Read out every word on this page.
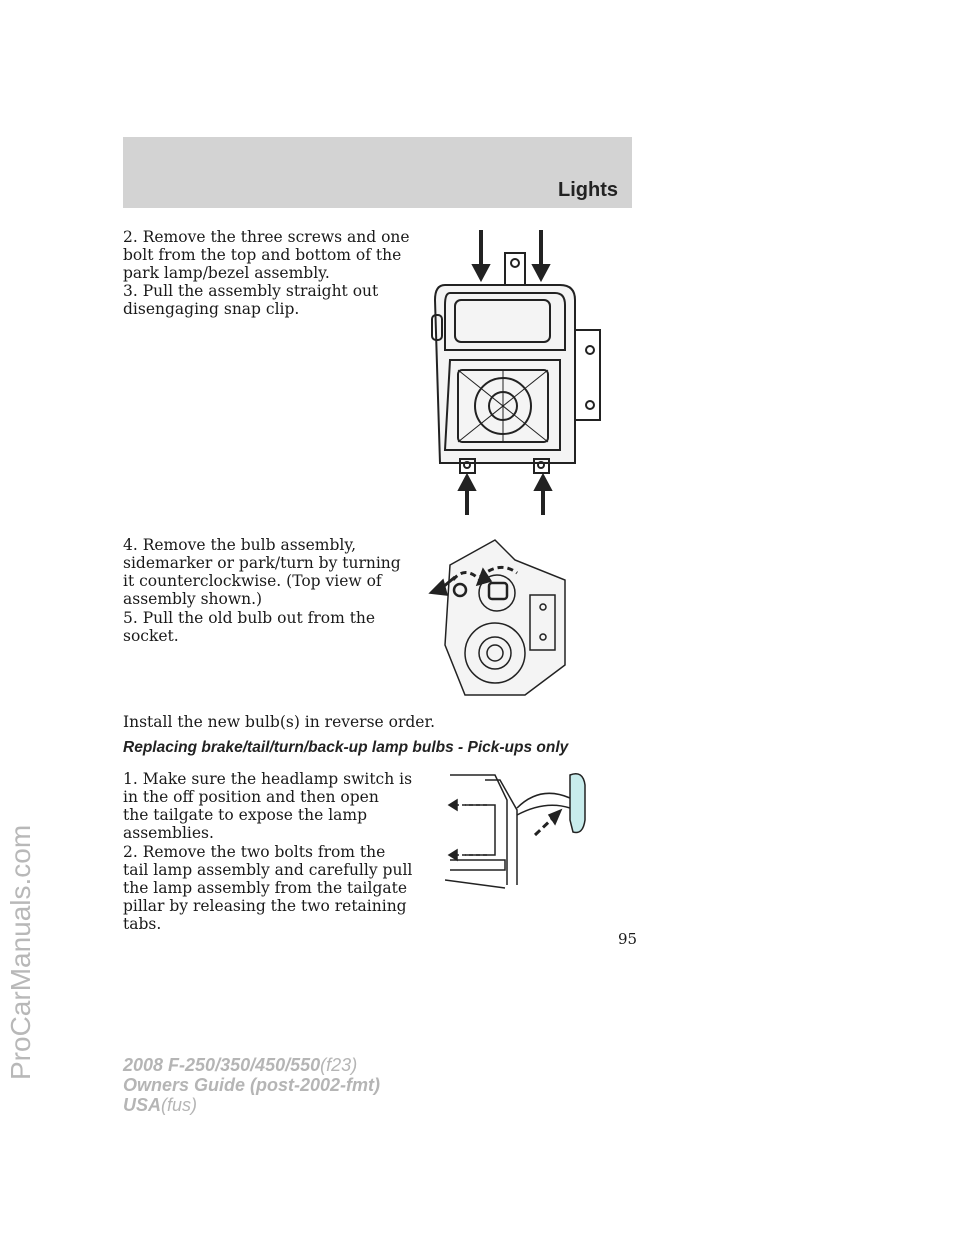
Lights

2. Remove the three screws and one
bolt from the top and bottom of the
park lamp/bezel assembly.

3. Pull the assembly straight out
disengaging snap clip.

4. Remove the bulb assembly,
sidemarker or park/turn by turning
it counterclockwise. (Top view of
assembly shown.)

5. Pull the old bulb out from the
socket.

Install the new bulb(s) in reverse order.

Replacing brake/tail/turn/back-up lamp bulbs - Pick-ups only

1. Make sure the headlamp switch is
in the off position and then open
the tailgate to expose the lamp
assemblies.

2. Remove the two bolts from the
tail lamp assembly and carefully pull
the lamp assembly from the tailgate
pillar by releasing the two retaining
tabs.

95
2008 F-250/350/450/550(f23)
Owners Guide (post-2002-fmt)
USA(fus)
ProCarManuals.com
